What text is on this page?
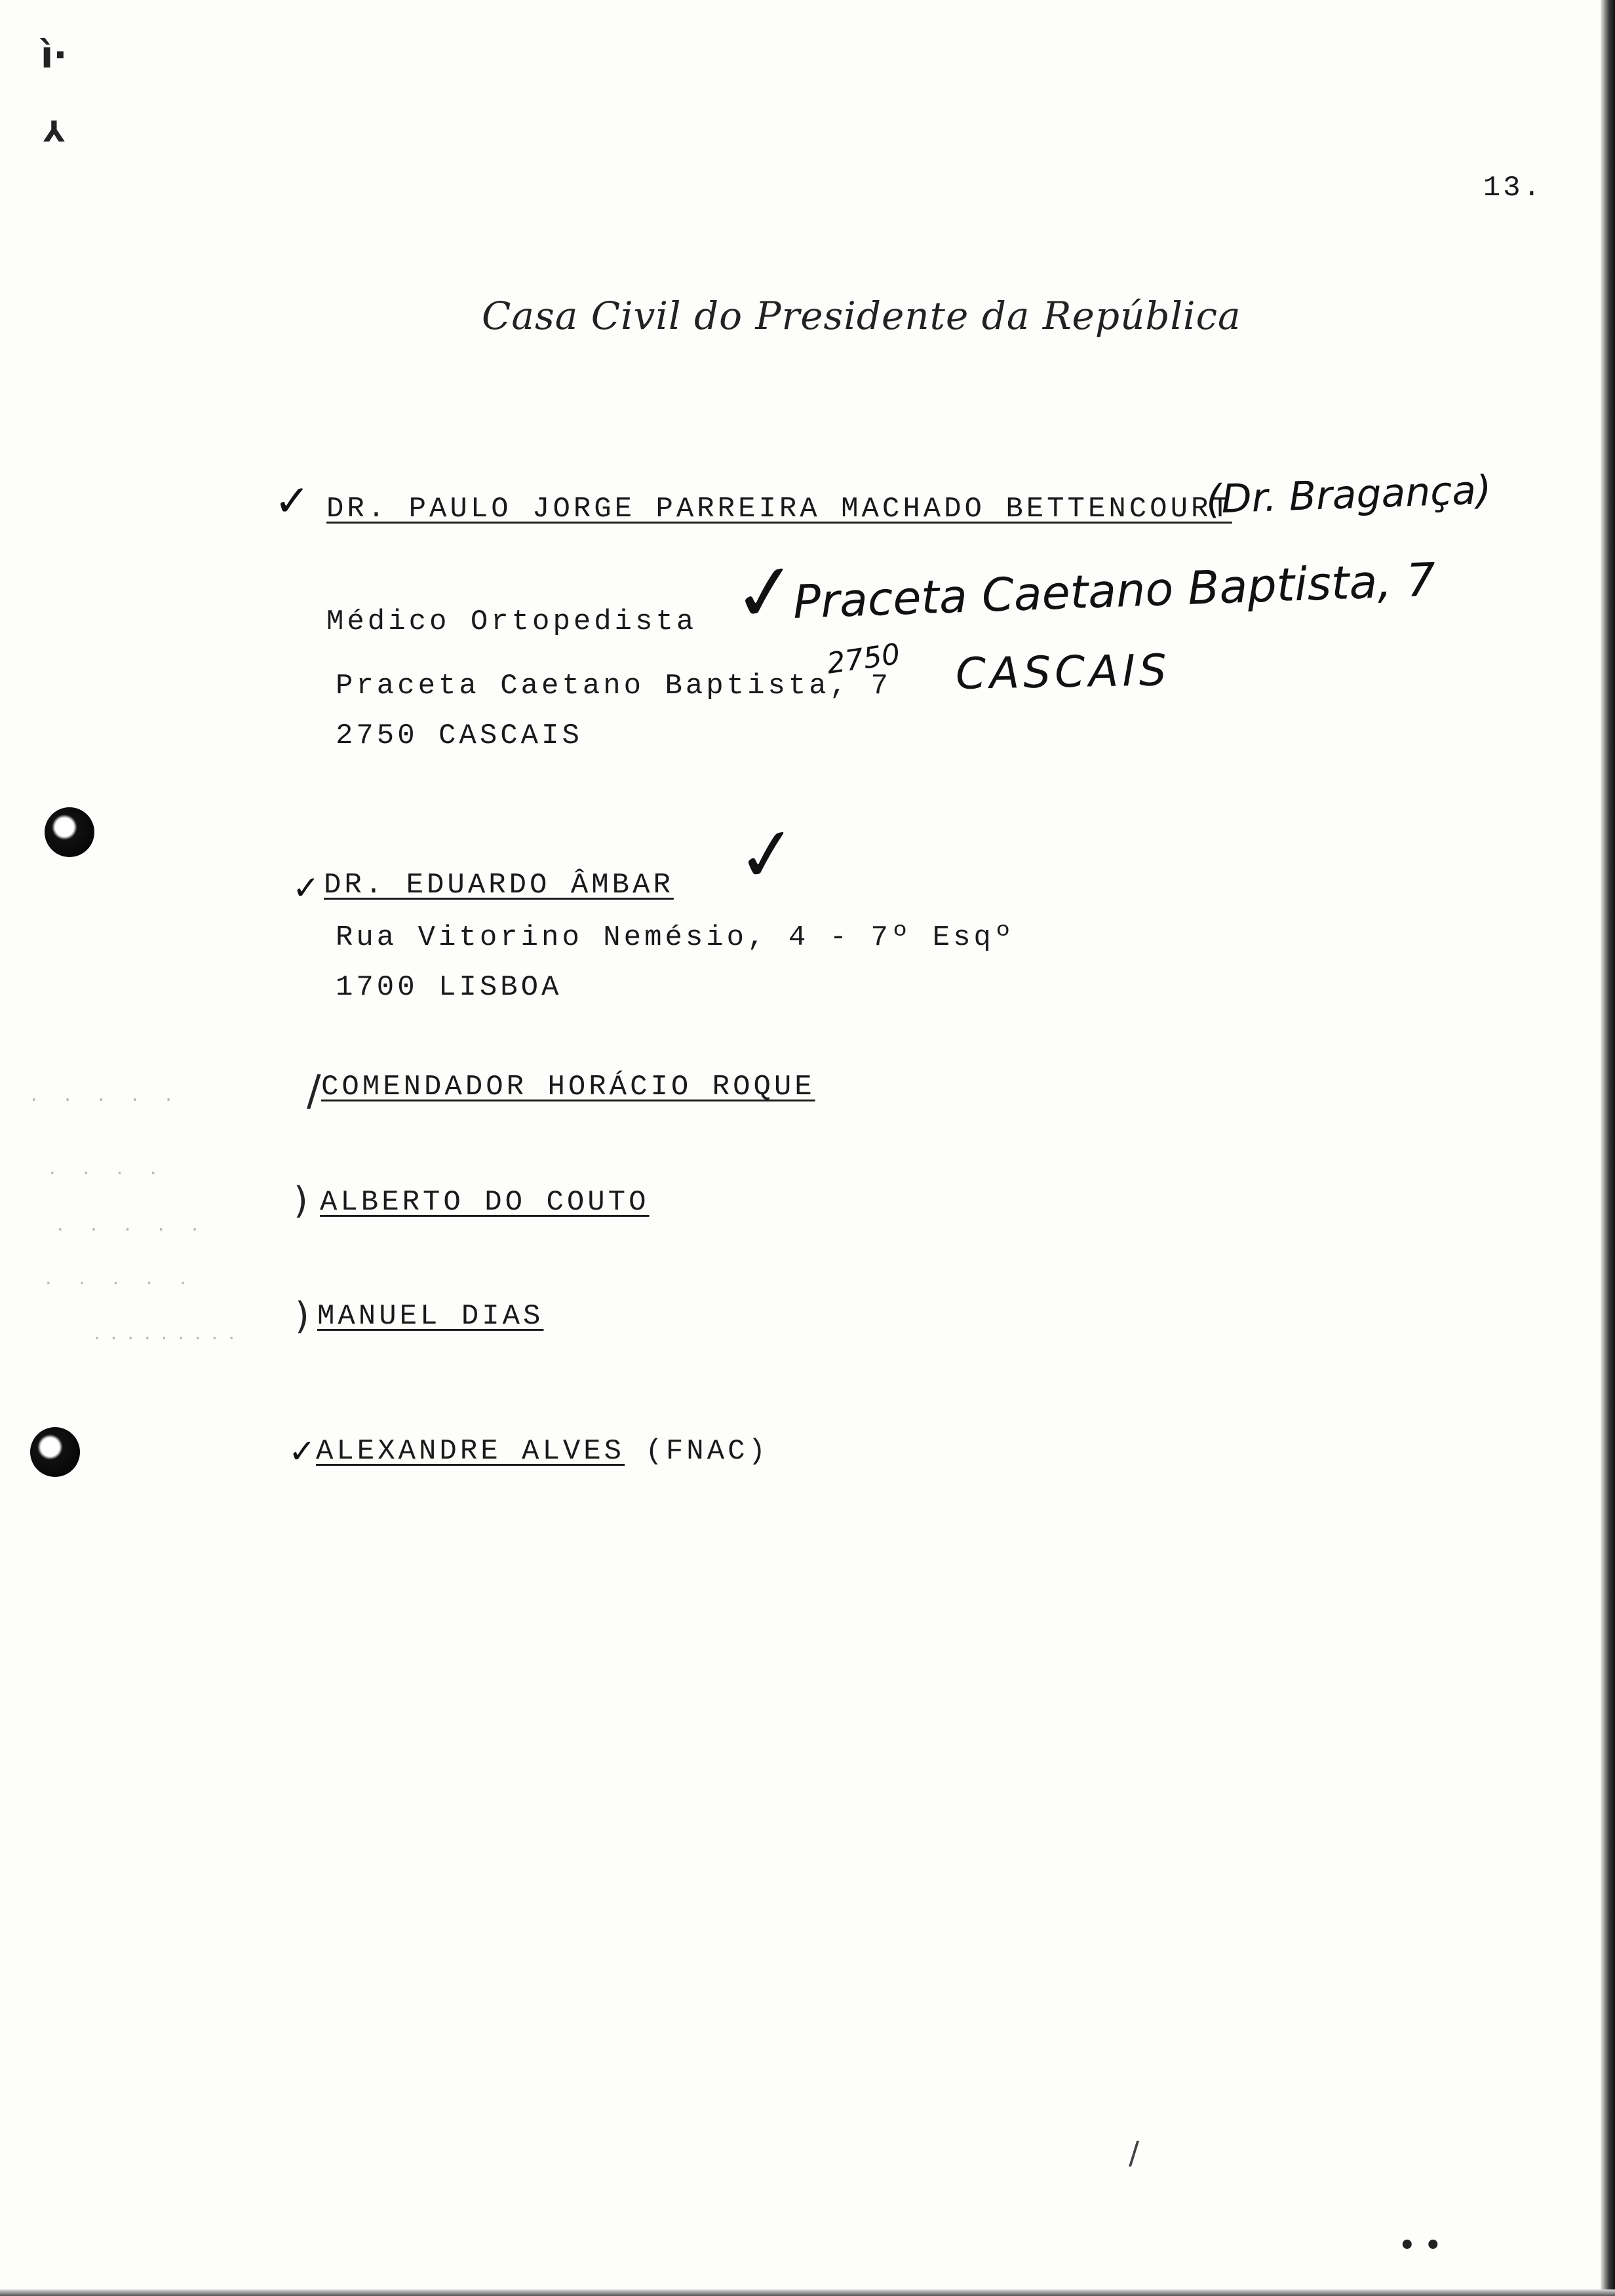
ì·
⅄
13.
Casa Civil do Presidente da República
✓ DR. PAULO JORGE PARREIRA MACHADO BETTENCOURT
(Dr. Bragança)
Médico Ortopedista ✓
Praceta Caetano Baptista, 7
Praceta Caetano Baptista, 7
2750 CASCAIS
2750 CASCAIS
✓ DR. EDUARDO ÂMBAR ✓
Rua Vitorino Nemésio, 4 - 7º Esqº
1700 LISBOA
/ COMENDADOR HORÁCIO ROQUE
· · · · ·
· · · ·
· · · · ·
· · · · ·
·········
) ALBERTO DO COUTO
) MANUEL DIAS
✓ ALEXANDRE ALVES (FNAC)
/
• •
